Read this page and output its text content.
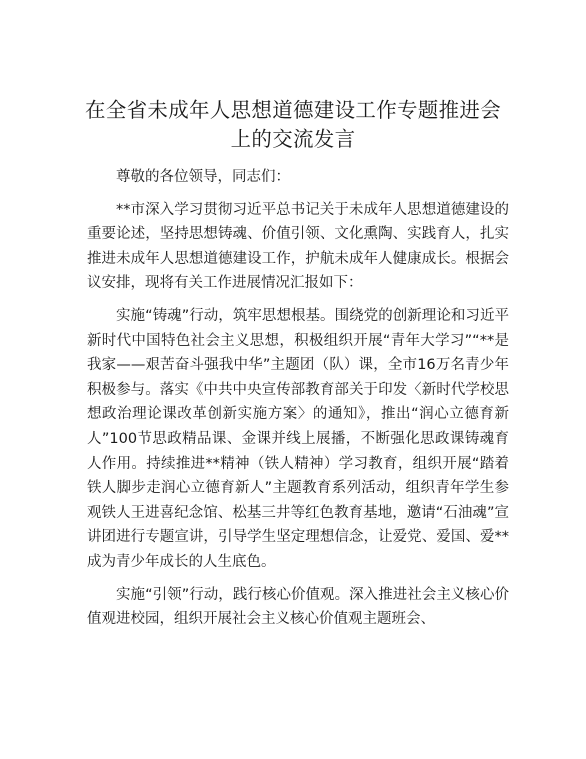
在全省未成年人思想道德建设工作专题推进会
上的交流发言

尊敬的各位领导，同志们：

**市深入学习贯彻习近平总书记关于未成年人思想道德建设的重要论述，坚持思想铸魂、价值引领、文化熏陶、实践育人，扎实推进未成年人思想道德建设工作，护航未成年人健康成长。根据会议安排，现将有关工作进展情况汇报如下：

实施“铸魂”行动，筑牢思想根基。围绕党的创新理论和习近平新时代中国特色社会主义思想，积极组织开展“青年大学习”“**是我家——艰苦奋斗强我中华”主题团（队）课，全市16万名青少年积极参与。落实《中共中央宣传部教育部关于印发〈新时代学校思想政治理论课改革创新实施方案〉的通知》，推出“润心立德育新人”100节思政精品课、金课并线上展播，不断强化思政课铸魂育人作用。持续推进**精神（铁人精神）学习教育，组织开展“踏着铁人脚步走润心立德育新人”主题教育系列活动，组织青年学生参观铁人王进喜纪念馆、松基三井等红色教育基地，邀请“石油魂”宣讲团进行专题宣讲，引导学生坚定理想信念，让爱党、爱国、爱**成为青少年成长的人生底色。

实施“引领”行动，践行核心价值观。深入推进社会主义核心价值观进校园，组织开展社会主义核心价值观主题班会、
